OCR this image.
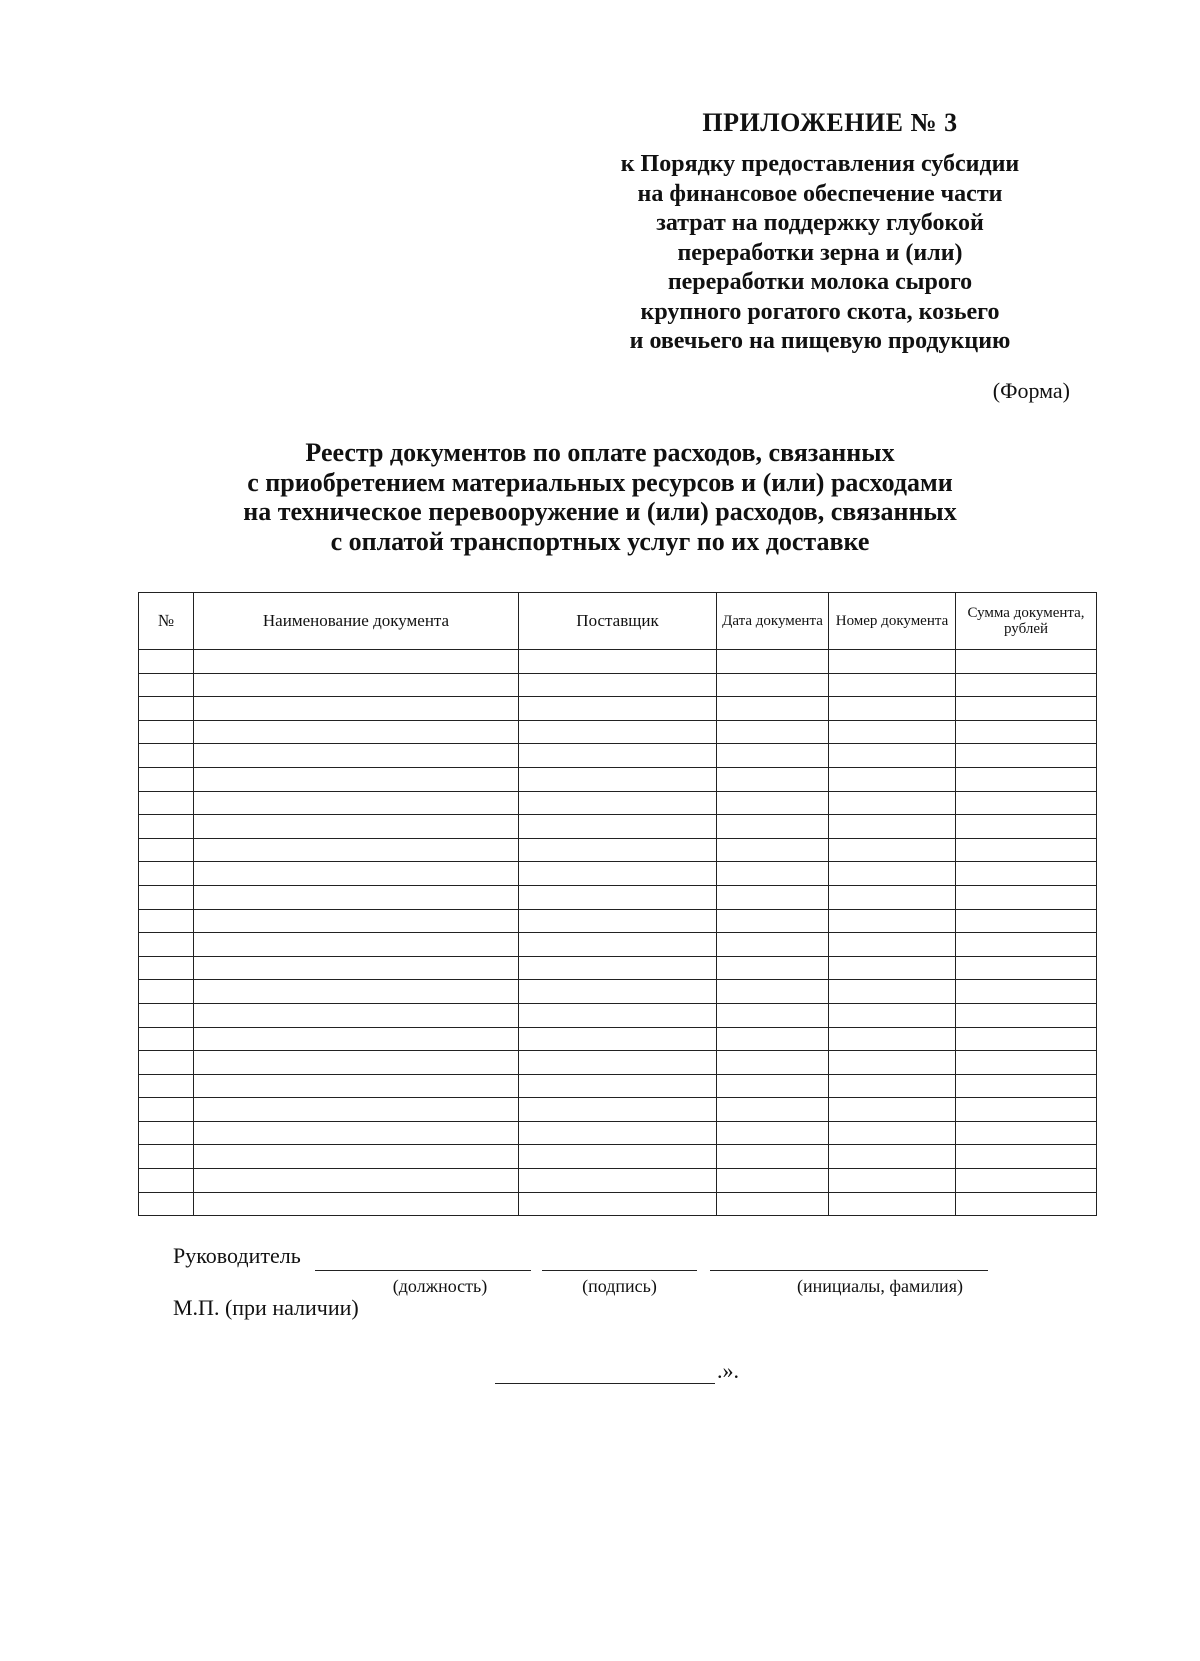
ПРИЛОЖЕНИЕ № 3
к Порядку предоставления субсидии
на финансовое обеспечение части
затрат на поддержку глубокой
переработки зерна и (или)
переработки молока сырого
крупного рогатого скота, козьего
и овечьего на пищевую продукцию
(Форма)
Реестр документов по оплате расходов, связанных
с приобретением материальных ресурсов и (или) расходами
на техническое перевооружение и (или) расходов, связанных
с оплатой транспортных услуг по их доставке
№	Наименование документа	Поставщик	Дата документа	Номер документа	Сумма документа, рублей

Руководитель
(должность)	(подпись)	(инициалы, фамилия)
М.П. (при наличии)
.».
